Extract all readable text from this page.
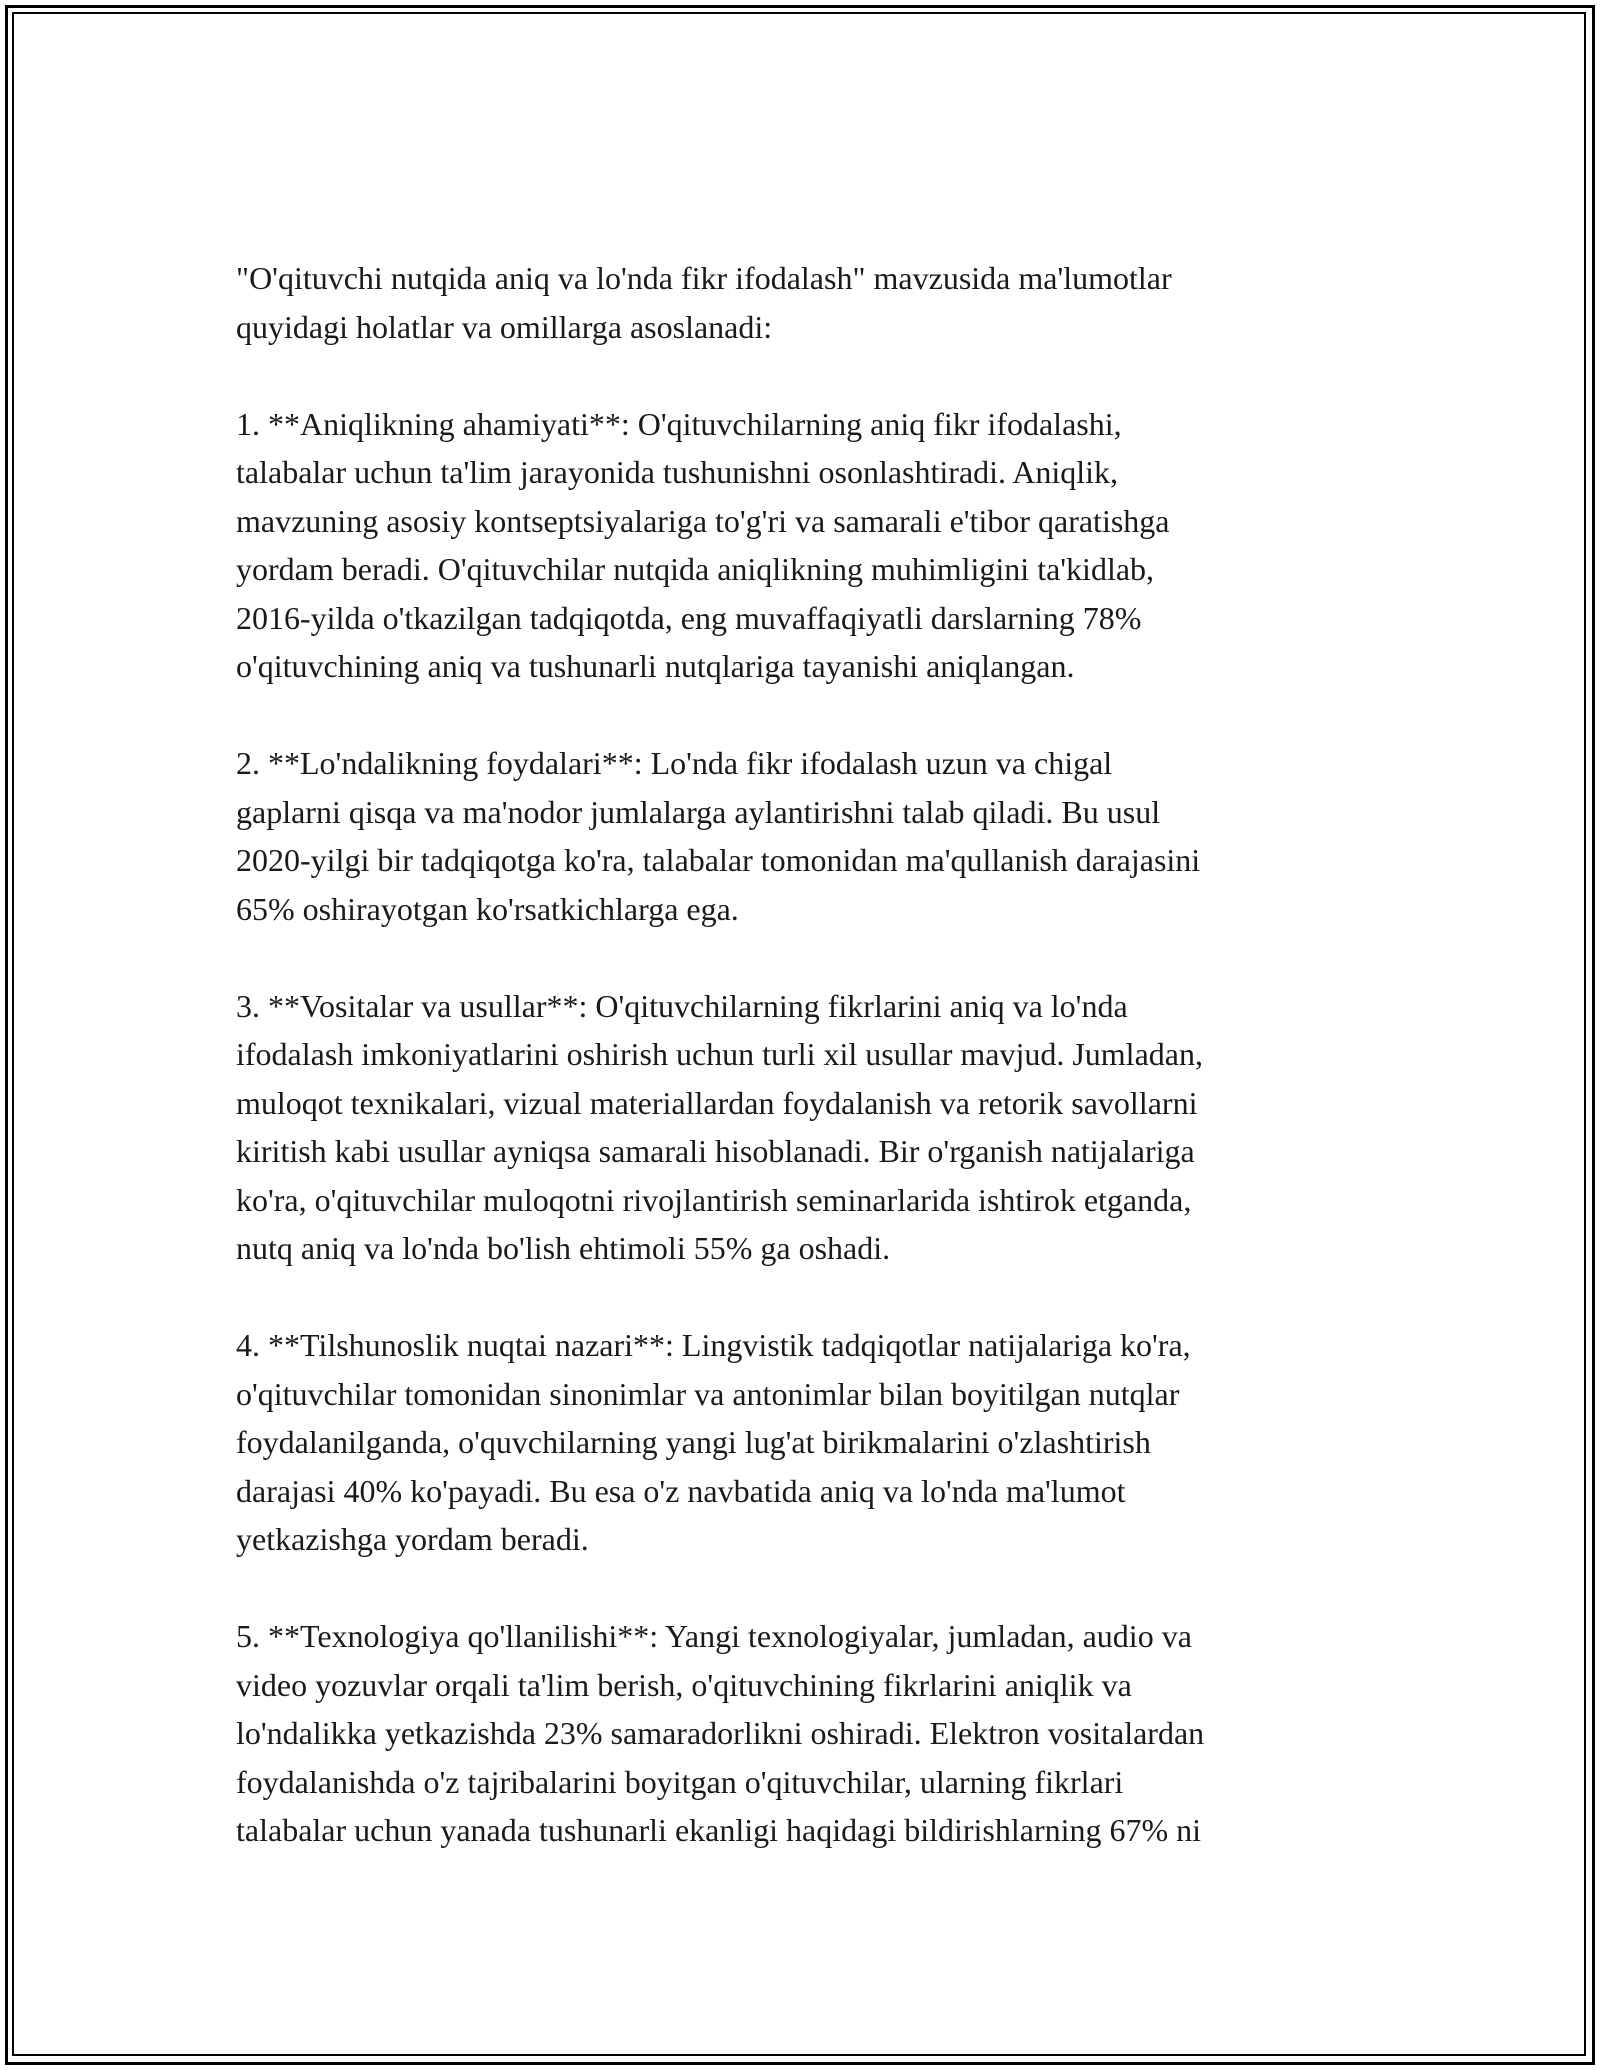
"O'qituvchi nutqida aniq va lo'nda fikr ifodalash" mavzusida ma'lumotlar
quyidagi holatlar va omillarga asoslanadi:

1. **Aniqlikning ahamiyati**: O'qituvchilarning aniq fikr ifodalashi,
talabalar uchun ta'lim jarayonida tushunishni osonlashtiradi. Aniqlik,
mavzuning asosiy kontseptsiyalariga to'g'ri va samarali e'tibor qaratishga
yordam beradi. O'qituvchilar nutqida aniqlikning muhimligini ta'kidlab,
2016-yilda o'tkazilgan tadqiqotda, eng muvaffaqiyatli darslarning 78%
o'qituvchining aniq va tushunarli nutqlariga tayanishi aniqlangan.

2. **Lo'ndalikning foydalari**: Lo'nda fikr ifodalash uzun va chigal
gaplarni qisqa va ma'nodor jumlalarga aylantirishni talab qiladi. Bu usul
2020-yilgi bir tadqiqotga ko'ra, talabalar tomonidan ma'qullanish darajasini
65% oshirayotgan ko'rsatkichlarga ega.

3. **Vositalar va usullar**: O'qituvchilarning fikrlarini aniq va lo'nda
ifodalash imkoniyatlarini oshirish uchun turli xil usullar mavjud. Jumladan,
muloqot texnikalari, vizual materiallardan foydalanish va retorik savollarni
kiritish kabi usullar ayniqsa samarali hisoblanadi. Bir o'rganish natijalariga
ko'ra, o'qituvchilar muloqotni rivojlantirish seminarlarida ishtirok etganda,
nutq aniq va lo'nda bo'lish ehtimoli 55% ga oshadi.

4. **Tilshunoslik nuqtai nazari**: Lingvistik tadqiqotlar natijalariga ko'ra,
o'qituvchilar tomonidan sinonimlar va antonimlar bilan boyitilgan nutqlar
foydalanilganda, o'quvchilarning yangi lug'at birikmalarini o'zlashtirish
darajasi 40% ko'payadi. Bu esa o'z navbatida aniq va lo'nda ma'lumot
yetkazishga yordam beradi.

5. **Texnologiya qo'llanilishi**: Yangi texnologiyalar, jumladan, audio va
video yozuvlar orqali ta'lim berish, o'qituvchining fikrlarini aniqlik va
lo'ndalikka yetkazishda 23% samaradorlikni oshiradi. Elektron vositalardan
foydalanishda o'z tajribalarini boyitgan o'qituvchilar, ularning fikrlari
talabalar uchun yanada tushunarli ekanligi haqidagi bildirishlarning 67% ni
